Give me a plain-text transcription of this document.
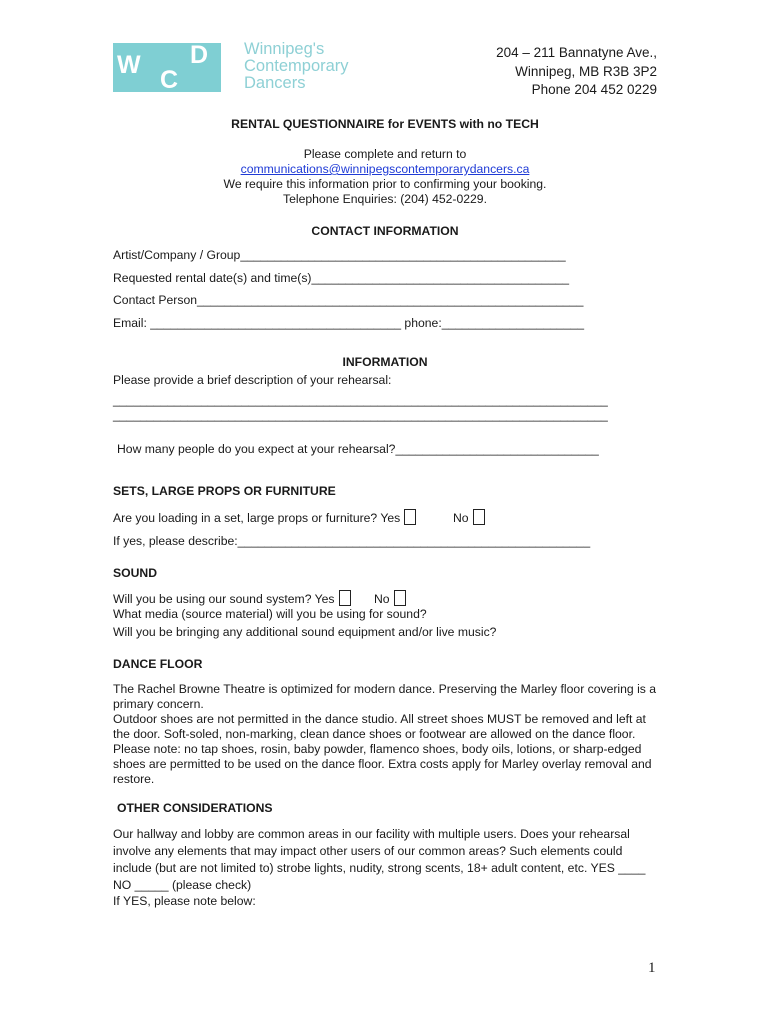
W
C
D Winnipeg's
Contemporary
Dancers
204 – 211 Bannatyne Ave.,
Winnipeg, MB R3B 3P2
Phone 204 452 0229
RENTAL QUESTIONNAIRE for EVENTS with no TECH
Please complete and return to
communications@winnipegscontemporarydancers.ca
We require this information prior to confirming your booking.
Telephone Enquiries: (204) 452-0229.
CONTACT INFORMATION
Artist/Company / Group________________________________________________
Requested rental date(s) and time(s)______________________________________
Contact Person_________________________________________________________
Email: _____________________________________ phone:_____________________
INFORMATION
Please provide a brief description of your rehearsal:
_________________________________________________________________________
_________________________________________________________________________
How many people do you expect at your rehearsal?______________________________
SETS, LARGE PROPS OR FURNITURE
Are you loading in a set, large props or furniture? Yes	No
If yes, please describe:____________________________________________________
SOUND
Will you be using our sound system? Yes	No
What media (source material) will you be using for sound?
Will you be bringing any additional sound equipment and/or live music?
DANCE FLOOR
The Rachel Browne Theatre is optimized for modern dance. Preserving the Marley floor covering is a primary concern.
Outdoor shoes are not permitted in the dance studio. All street shoes MUST be removed and left at the door. Soft-soled, non-marking, clean dance shoes or footwear are allowed on the dance floor. Please note: no tap shoes, rosin, baby powder, flamenco shoes, body oils, lotions, or sharp-edged shoes are permitted to be used on the dance floor. Extra costs apply for Marley overlay removal and restore.
OTHER CONSIDERATIONS
Our hallway and lobby are common areas in our facility with multiple users. Does your rehearsal involve any elements that may impact other users of our common areas? Such elements could include (but are not limited to) strobe lights, nudity, strong scents, 18+ adult content, etc. YES ____ NO _____ (please check)
If YES, please note below:
1
